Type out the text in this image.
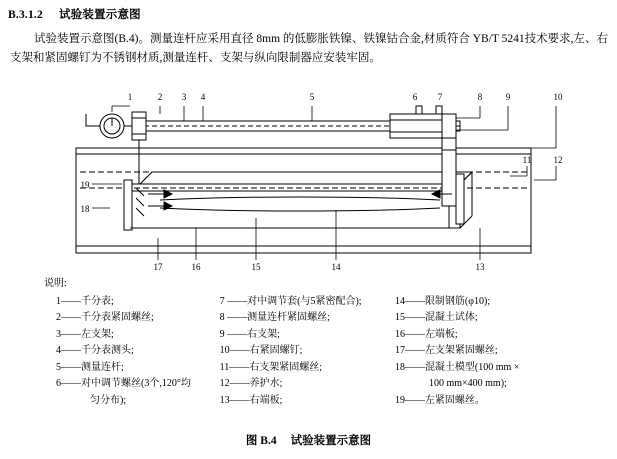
B.3.1.2 试验装置示意图
试验装置示意图(B.4)。测量连杆应采用直径 8mm 的低膨胀铁镍、铁镍钴合金,材质符合 YB/T 5241技术要求,左、右支架和紧固螺钉为不锈钢材质,测量连杆、支架与纵向限制器应安装牢固。
1	2 3 4	5	6 7	8	9	10
11 12
13
14
15
16
17
18
19
说明:
1——千分表;
2——千分表紧固螺丝;
3——左支架;
4——千分表测头;
5——测量连杆;
6——对中调节螺丝(3个,120°均
匀分布);
7 ——对中调节套(与5紧密配合);
8 ——测量连杆紧固螺丝;
9 ——右支架;
10——右紧固螺钉;
11——右支架紧固螺丝;
12——养护水;
13——右端板;
14——限制钢筋(φ10);
15——混凝土试体;
16——左端板;
17——左支架紧固螺丝;
18——混凝土模型(100 mm ×
100 mm×400 mm);
19——左紧固螺丝。
图 B.4 试验装置示意图
